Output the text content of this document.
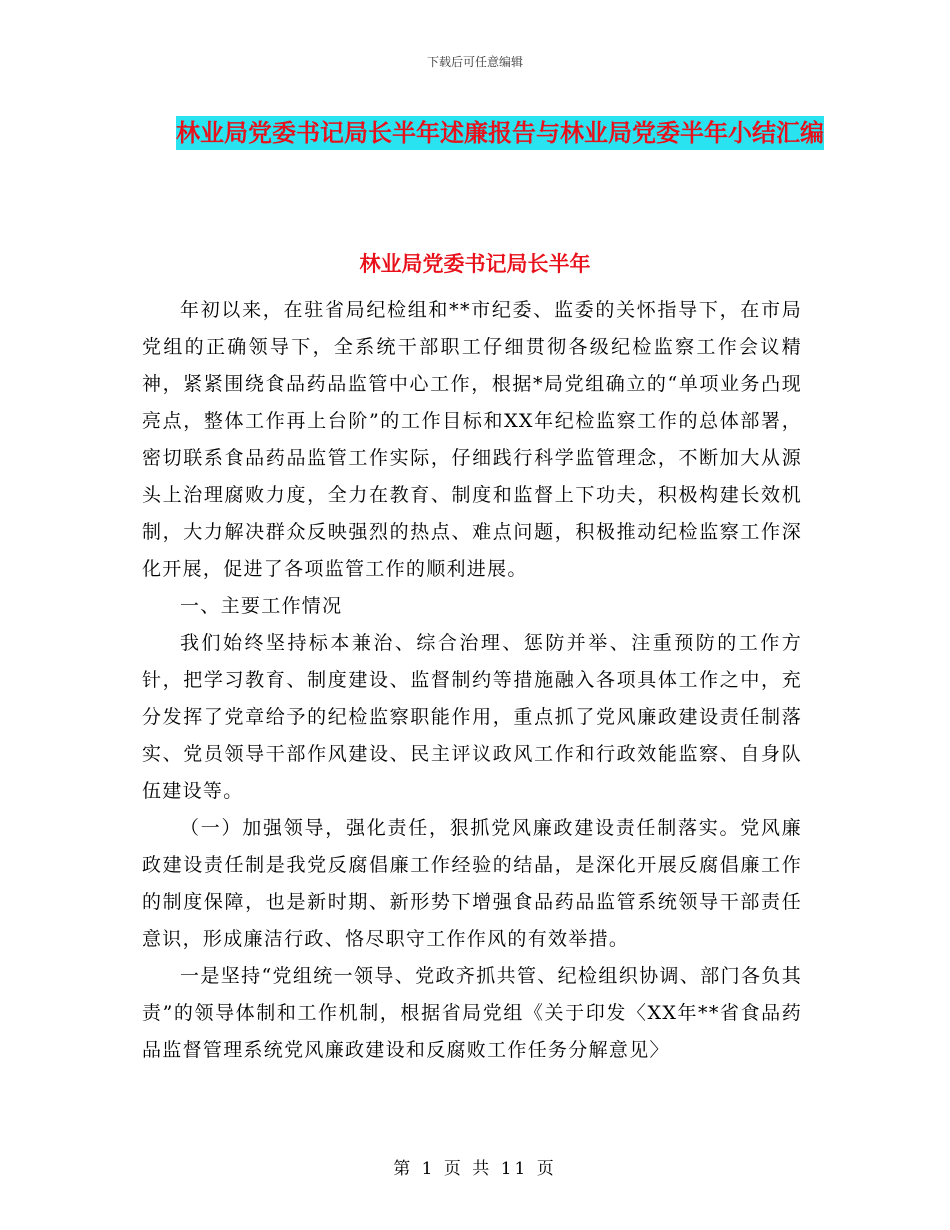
下载后可任意编辑
林业局党委书记局长半年述廉报告与林业局党委半年小结汇编
林业局党委书记局长半年

年初以来，在驻省局纪检组和**市纪委、监委的关怀指导下，在市局党组的正确领导下，全系统干部职工仔细贯彻各级纪检监察工作会议精神，紧紧围绕食品药品监管中心工作，根据*局党组确立的“单项业务凸现亮点，整体工作再上台阶”的工作目标和XX年纪检监察工作的总体部署，密切联系食品药品监管工作实际，仔细践行科学监管理念，不断加大从源头上治理腐败力度，全力在教育、制度和监督上下功夫，积极构建长效机制，大力解决群众反映强烈的热点、难点问题，积极推动纪检监察工作深化开展，促进了各项监管工作的顺利进展。

一、主要工作情况

我们始终坚持标本兼治、综合治理、惩防并举、注重预防的工作方针，把学习教育、制度建设、监督制约等措施融入各项具体工作之中，充分发挥了党章给予的纪检监察职能作用，重点抓了党风廉政建设责任制落实、党员领导干部作风建设、民主评议政风工作和行政效能监察、自身队伍建设等。

（一）加强领导，强化责任，狠抓党风廉政建设责任制落实。党风廉政建设责任制是我党反腐倡廉工作经验的结晶，是深化开展反腐倡廉工作的制度保障，也是新时期、新形势下增强食品药品监管系统领导干部责任意识，形成廉洁行政、恪尽职守工作作风的有效举措。

一是坚持“党组统一领导、党政齐抓共管、纪检组织协调、部门各负其责”的领导体制和工作机制，根据省局党组《关于印发〈XX年**省食品药品监督管理系统党风廉政建设和反腐败工作任务分解意见〉

第 1 页 共 11 页
